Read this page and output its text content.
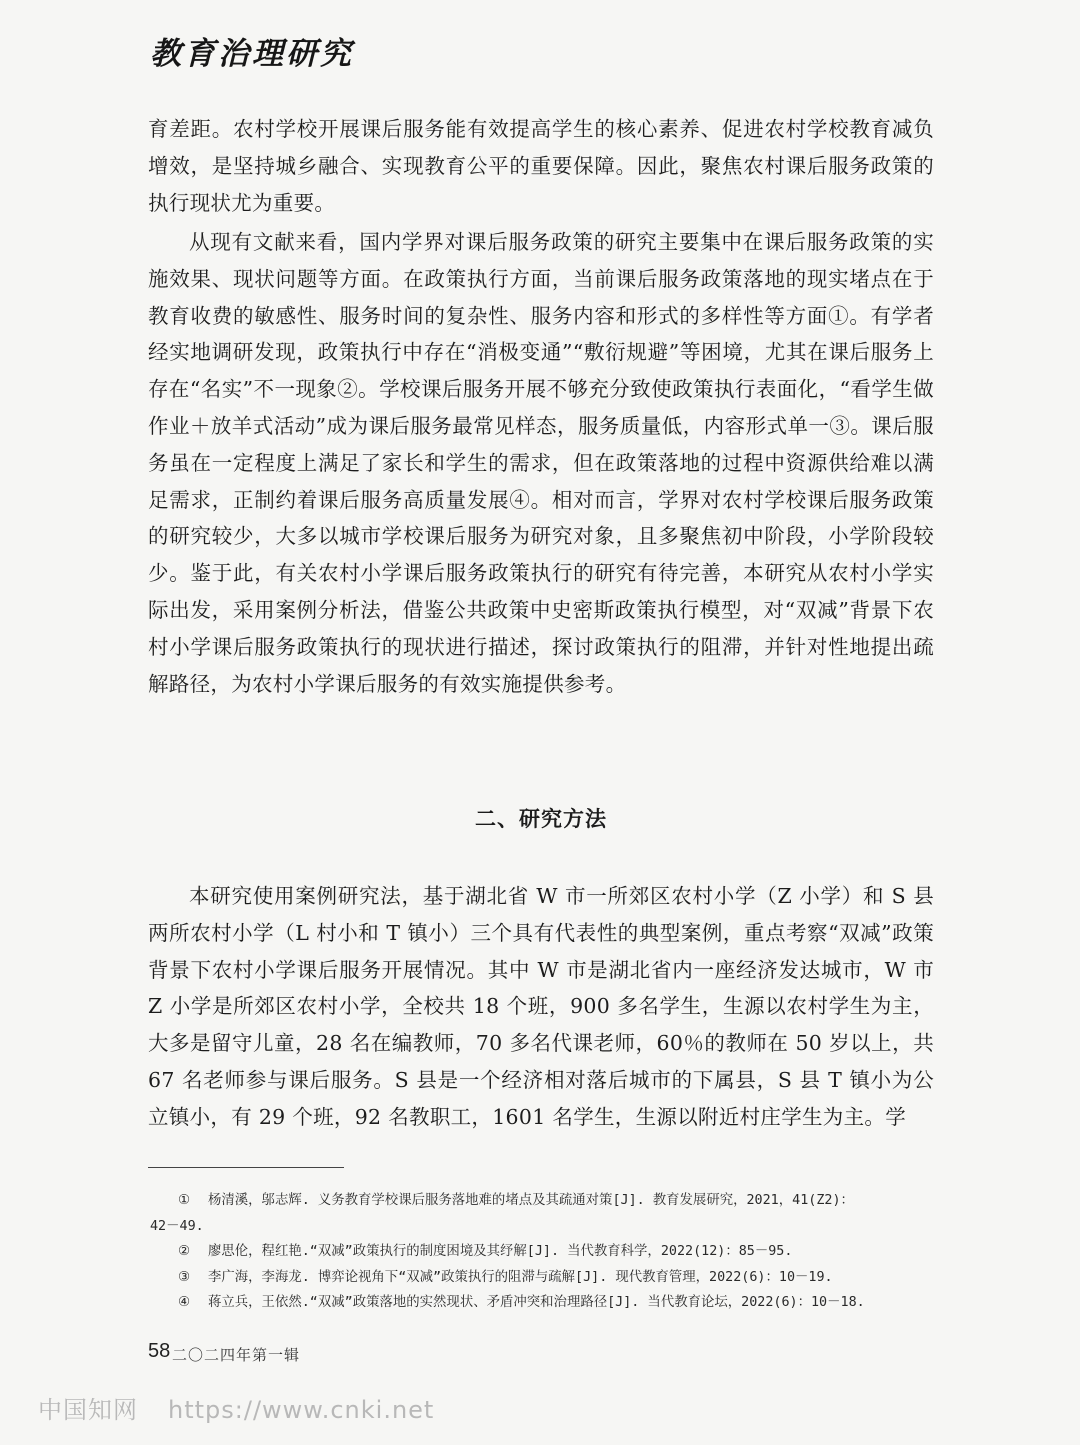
教育治理研究

育差距。农村学校开展课后服务能有效提高学生的核心素养、促进农村学校教育减负增效，是坚持城乡融合、实现教育公平的重要保障。因此，聚焦农村课后服务政策的执行现状尤为重要。

从现有文献来看，国内学界对课后服务政策的研究主要集中在课后服务政策的实施效果、现状问题等方面。在政策执行方面，当前课后服务政策落地的现实堵点在于教育收费的敏感性、服务时间的复杂性、服务内容和形式的多样性等方面①。有学者经实地调研发现，政策执行中存在“消极变通”“敷衍规避”等困境，尤其在课后服务上存在“名实”不一现象②。学校课后服务开展不够充分致使政策执行表面化，“看学生做作业＋放羊式活动”成为课后服务最常见样态，服务质量低，内容形式单一③。课后服务虽在一定程度上满足了家长和学生的需求，但在政策落地的过程中资源供给难以满足需求，正制约着课后服务高质量发展④。相对而言，学界对农村学校课后服务政策的研究较少，大多以城市学校课后服务为研究对象，且多聚焦初中阶段，小学阶段较少。鉴于此，有关农村小学课后服务政策执行的研究有待完善，本研究从农村小学实际出发，采用案例分析法，借鉴公共政策中史密斯政策执行模型，对“双减”背景下农村小学课后服务政策执行的现状进行描述，探讨政策执行的阻滞，并针对性地提出疏解路径，为农村小学课后服务的有效实施提供参考。

二、研究方法

本研究使用案例研究法，基于湖北省 W 市一所郊区农村小学（Z 小学）和 S 县两所农村小学（L 村小和 T 镇小）三个具有代表性的典型案例，重点考察“双减”政策背景下农村小学课后服务开展情况。其中 W 市是湖北省内一座经济发达城市，W 市 Z 小学是所郊区农村小学，全校共 18 个班，900 多名学生，生源以农村学生为主，大多是留守儿童，28 名在编教师，70 多名代课老师，60％的教师在 50 岁以上，共 67 名老师参与课后服务。S 县是一个经济相对落后城市的下属县，S 县 T 镇小为公立镇小，有 29 个班，92 名教职工，1601 名学生，生源以附近村庄学生为主。学

① 杨清溪，邬志辉. 义务教育学校课后服务落地难的堵点及其疏通对策[J]. 教育发展研究，2021，41(Z2)：

42－49.

② 廖思伦，程红艳.“双减”政策执行的制度困境及其纾解[J]. 当代教育科学，2022(12)：85－95.

③ 李广海，李海龙. 博弈论视角下“双减”政策执行的阻滞与疏解[J]. 现代教育管理，2022(6)：10－19.

④ 蒋立兵，王依然.“双减”政策落地的实然现状、矛盾冲突和治理路径[J]. 当代教育论坛，2022(6)：10－18.

58 二〇二四年第一辑
中国知网 https://www.cnki.net
